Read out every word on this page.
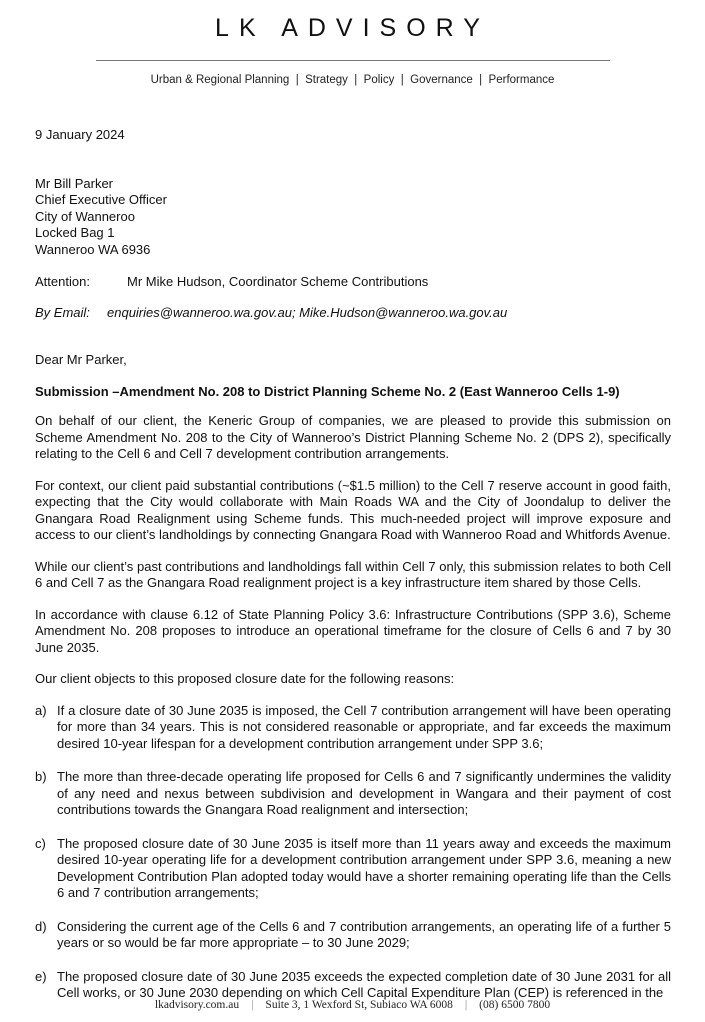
LK ADVISORY
Urban & Regional Planning  |  Strategy  |  Policy  |  Governance  |  Performance

9 January 2024

Mr Bill Parker

Chief Executive Officer

City of Wanneroo

Locked Bag 1

Wanneroo WA 6936

Attention:	Mr Mike Hudson, Coordinator Scheme Contributions
By Email:	enquiries@wanneroo.wa.gov.au; Mike.Hudson@wanneroo.wa.gov.au

Dear Mr Parker,

Submission –Amendment No. 208 to District Planning Scheme No. 2 (East Wanneroo Cells 1-9)

On behalf of our client, the Keneric Group of companies, we are pleased to provide this submission on Scheme Amendment No. 208 to the City of Wanneroo’s District Planning Scheme No. 2 (DPS 2), specifically relating to the Cell 6 and Cell 7 development contribution arrangements.

For context, our client paid substantial contributions (~$1.5 million) to the Cell 7 reserve account in good faith, expecting that the City would collaborate with Main Roads WA and the City of Joondalup to deliver the Gnangara Road Realignment using Scheme funds. This much-needed project will improve exposure and access to our client’s landholdings by connecting Gnangara Road with Wanneroo Road and Whitfords Avenue.

While our client’s past contributions and landholdings fall within Cell 7 only, this submission relates to both Cell 6 and Cell 7 as the Gnangara Road realignment project is a key infrastructure item shared by those Cells.

In accordance with clause 6.12 of State Planning Policy 3.6: Infrastructure Contributions (SPP 3.6), Scheme Amendment No. 208 proposes to introduce an operational timeframe for the closure of Cells 6 and 7 by 30 June 2035.

Our client objects to this proposed closure date for the following reasons:

a) If a closure date of 30 June 2035 is imposed, the Cell 7 contribution arrangement will have been operating for more than 34 years. This is not considered reasonable or appropriate, and far exceeds the maximum desired 10-year lifespan for a development contribution arrangement under SPP 3.6;
b) The more than three-decade operating life proposed for Cells 6 and 7 significantly undermines the validity of any need and nexus between subdivision and development in Wangara and their payment of cost contributions towards the Gnangara Road realignment and intersection;
c) The proposed closure date of 30 June 2035 is itself more than 11 years away and exceeds the maximum desired 10-year operating life for a development contribution arrangement under SPP 3.6, meaning a new Development Contribution Plan adopted today would have a shorter remaining operating life than the Cells 6 and 7 contribution arrangements;
d) Considering the current age of the Cells 6 and 7 contribution arrangements, an operating life of a further 5 years or so would be far more appropriate – to 30 June 2029;
e) The proposed closure date of 30 June 2035 exceeds the expected completion date of 30 June 2031 for all Cell works, or 30 June 2030 depending on which Cell Capital Expenditure Plan (CEP) is referenced in the
lkadvisory.com.au | Suite 3, 1 Wexford St, Subiaco WA 6008 | (08) 6500 7800
